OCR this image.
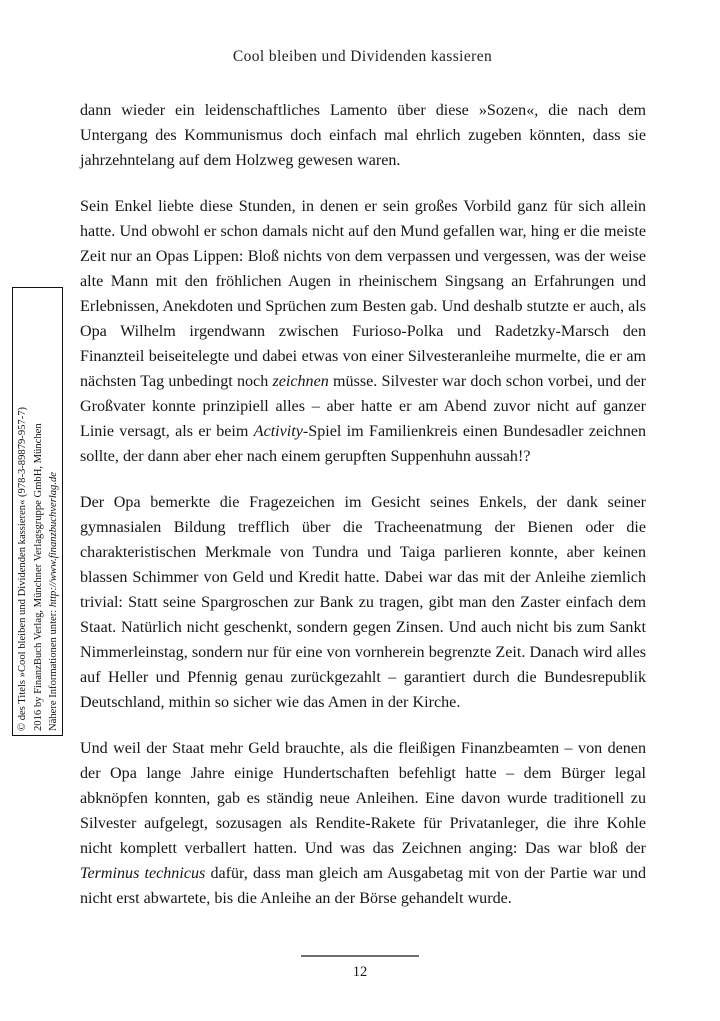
Cool bleiben und Dividenden kassieren

dann wieder ein leidenschaftliches Lamento über diese »Sozen«, die nach dem Untergang des Kommunismus doch einfach mal ehrlich zugeben könnten, dass sie jahrzehntelang auf dem Holzweg gewesen waren.

Sein Enkel liebte diese Stunden, in denen er sein großes Vorbild ganz für sich allein hatte. Und obwohl er schon damals nicht auf den Mund gefallen war, hing er die meiste Zeit nur an Opas Lippen: Bloß nichts von dem verpassen und vergessen, was der weise alte Mann mit den fröhlichen Augen in rheinischem Singsang an Erfahrungen und Erlebnissen, Anekdoten und Sprüchen zum Besten gab. Und deshalb stutzte er auch, als Opa Wilhelm irgendwann zwischen Furioso-Polka und Radetzky-Marsch den Finanzteil beiseitelegte und dabei etwas von einer Silvesteranleihe murmelte, die er am nächsten Tag unbedingt noch zeichnen müsse. Silvester war doch schon vorbei, und der Großvater konnte prinzipiell alles – aber hatte er am Abend zuvor nicht auf ganzer Linie versagt, als er beim Activity-Spiel im Familienkreis einen Bundesadler zeichnen sollte, der dann aber eher nach einem gerupften Suppenhuhn aussah!?

Der Opa bemerkte die Fragezeichen im Gesicht seines Enkels, der dank seiner gymnasialen Bildung trefflich über die Tracheenatmung der Bienen oder die charakteristischen Merkmale von Tundra und Taiga parlieren konnte, aber keinen blassen Schimmer von Geld und Kredit hatte. Dabei war das mit der Anleihe ziemlich trivial: Statt seine Spargroschen zur Bank zu tragen, gibt man den Zaster einfach dem Staat. Natürlich nicht geschenkt, sondern gegen Zinsen. Und auch nicht bis zum Sankt Nimmerleinstag, sondern nur für eine von vornherein begrenzte Zeit. Danach wird alles auf Heller und Pfennig genau zurückgezahlt – garantiert durch die Bundesrepublik Deutschland, mithin so sicher wie das Amen in der Kirche.

Und weil der Staat mehr Geld brauchte, als die fleißigen Finanzbeamten – von denen der Opa lange Jahre einige Hundertschaften befehligt hatte – dem Bürger legal abknöpfen konnten, gab es ständig neue Anleihen. Eine davon wurde traditionell zu Silvester aufgelegt, sozusagen als Rendite-Rakete für Privatanleger, die ihre Kohle nicht komplett verballert hatten. Und was das Zeichnen anging: Das war bloß der Terminus technicus dafür, dass man gleich am Ausgabetag mit von der Partie war und nicht erst abwartete, bis die Anleihe an der Börse gehandelt wurde.

© des Titels »Cool bleiben und Dividenden kassieren« (978-3-89879-957-7) 2016 by FinanzBuch Verlag, Münchner Verlagsgruppe GmbH, München Nähere Informationen unter: http://www.finanzbuchverlag.de
12
